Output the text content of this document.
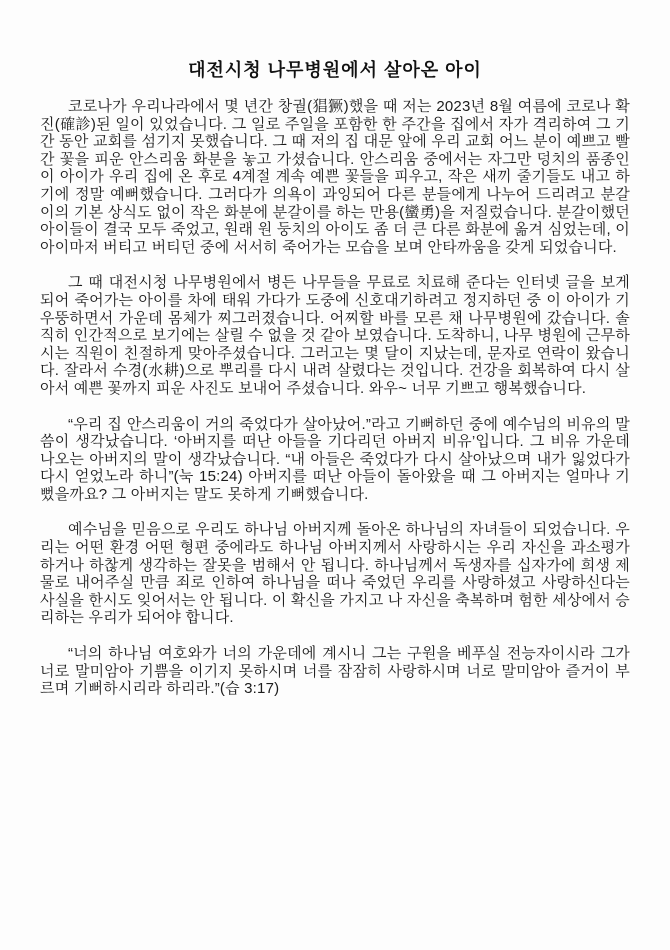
대전시청 나무병원에서 살아온 아이

코로나가 우리나라에서 몇 년간 창궐(猖獗)했을 때 저는 2023년 8월 여름에 코로나 확진(確診)된 일이 있었습니다. 그 일로 주일을 포함한 한 주간을 집에서 자가 격리하여 그 기간 동안 교회를 섬기지 못했습니다. 그 때 저의 집 대문 앞에 우리 교회 어느 분이 예쁘고 빨간 꽃을 피운 안스리움 화분을 놓고 가셨습니다. 안스리움 중에서는 자그만 덩치의 품종인 이 아이가 우리 집에 온 후로 4계절 계속 예쁜 꽃들을 피우고, 작은 새끼 줄기들도 내고 하기에 정말 예뻐했습니다. 그러다가 의욕이 과잉되어 다른 분들에게 나누어 드리려고 분갈이의 기본 상식도 없이 작은 화분에 분갈이를 하는 만용(蠻勇)을 저질렀습니다. 분갈이했던 아이들이 결국 모두 죽었고, 원래 원 둥치의 아이도 좀 더 큰 다른 화분에 옮겨 심었는데, 이 아이마저 버티고 버티던 중에 서서히 죽어가는 모습을 보며 안타까움을 갖게 되었습니다.

그 때 대전시청 나무병원에서 병든 나무들을 무료로 치료해 준다는 인터넷 글을 보게 되어 죽어가는 아이를 차에 태워 가다가 도중에 신호대기하려고 정지하던 중 이 아이가 기우뚱하면서 가운데 몸체가 찌그러졌습니다. 어찌할 바를 모른 채 나무병원에 갔습니다. 솔직히 인간적으로 보기에는 살릴 수 없을 것 같아 보였습니다. 도착하니, 나무 병원에 근무하시는 직원이 친절하게 맞아주셨습니다. 그러고는 몇 달이 지났는데, 문자로 연락이 왔습니다. 잘라서 수경(水耕)으로 뿌리를 다시 내려 살렸다는 것입니다. 건강을 회복하여 다시 살아서 예쁜 꽃까지 피운 사진도 보내어 주셨습니다. 와우~ 너무 기쁘고 행복했습니다.

“우리 집 안스리움이 거의 죽었다가 살아났어.”라고 기뻐하던 중에 예수님의 비유의 말씀이 생각났습니다. ‘아버지를 떠난 아들을 기다리던 아버지 비유’입니다. 그 비유 가운데 나오는 아버지의 말이 생각났습니다. “내 아들은 죽었다가 다시 살아났으며 내가 잃었다가 다시 얻었노라 하니”(눅 15:24) 아버지를 떠난 아들이 돌아왔을 때 그 아버지는 얼마나 기뻤을까요? 그 아버지는 말도 못하게 기뻐했습니다.

예수님을 믿음으로 우리도 하나님 아버지께 돌아온 하나님의 자녀들이 되었습니다. 우리는 어떤 환경 어떤 형편 중에라도 하나님 아버지께서 사랑하시는 우리 자신을 과소평가하거나 하찮게 생각하는 잘못을 범해서 안 됩니다. 하나님께서 독생자를 십자가에 희생 제물로 내어주실 만큼 죄로 인하여 하나님을 떠나 죽었던 우리를 사랑하셨고 사랑하신다는 사실을 한시도 잊어서는 안 됩니다. 이 확신을 가지고 나 자신을 축복하며 험한 세상에서 승리하는 우리가 되어야 합니다.

“너의 하나님 여호와가 너의 가운데에 계시니 그는 구원을 베푸실 전능자이시라 그가 너로 말미암아 기쁨을 이기지 못하시며 너를 잠잠히 사랑하시며 너로 말미암아 즐거이 부르며 기뻐하시리라 하리라.”(습 3:17)
